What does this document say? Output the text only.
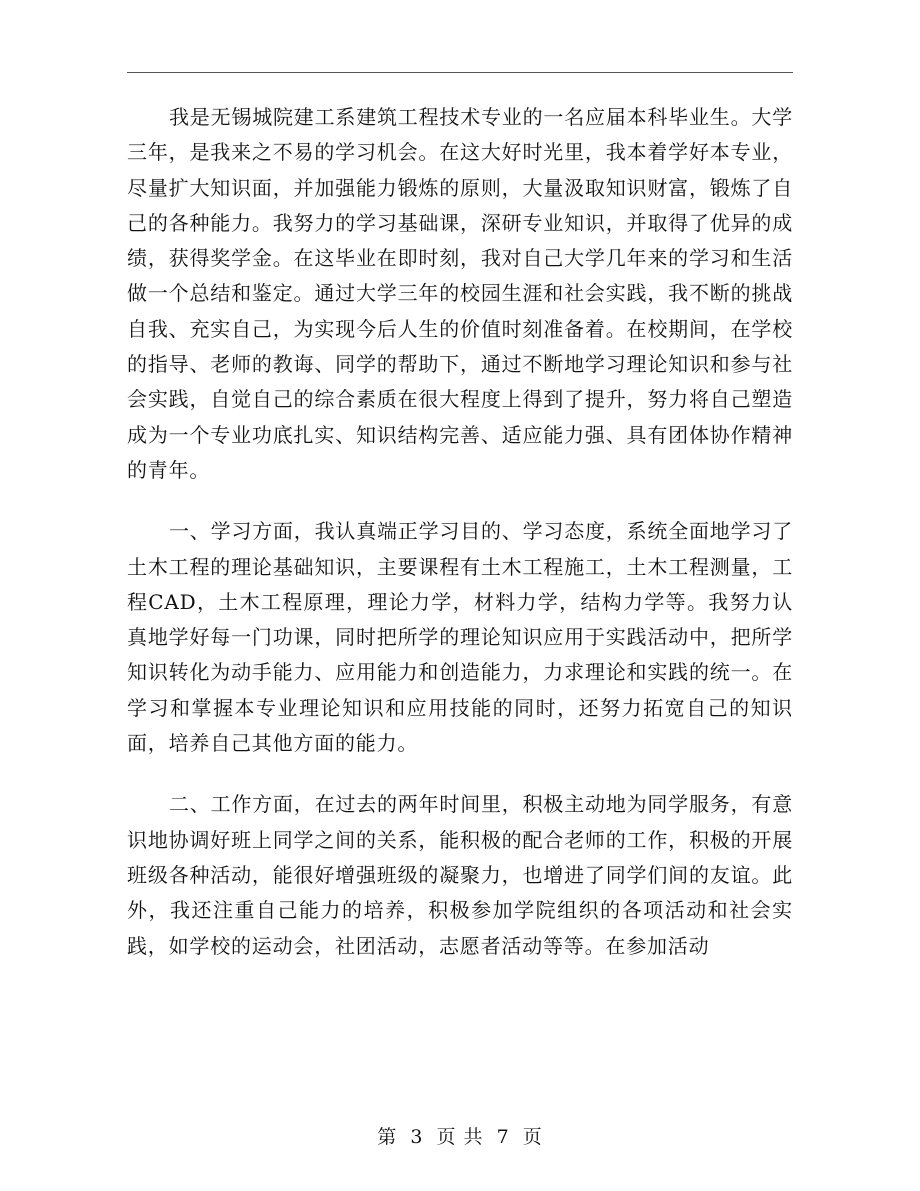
我是无锡城院建工系建筑工程技术专业的一名应届本科毕业生。大学三年，是我来之不易的学习机会。在这大好时光里，我本着学好本专业，尽量扩大知识面，并加强能力锻炼的原则，大量汲取知识财富，锻炼了自己的各种能力。我努力的学习基础课，深研专业知识，并取得了优异的成绩，获得奖学金。在这毕业在即时刻，我对自己大学几年来的学习和生活做一个总结和鉴定。通过大学三年的校园生涯和社会实践，我不断的挑战自我、充实自己，为实现今后人生的价值时刻准备着。在校期间，在学校的指导、老师的教诲、同学的帮助下，通过不断地学习理论知识和参与社会实践，自觉自己的综合素质在很大程度上得到了提升，努力将自己塑造成为一个专业功底扎实、知识结构完善、适应能力强、具有团体协作精神的青年。

一、学习方面，我认真端正学习目的、学习态度，系统全面地学习了土木工程的理论基础知识，主要课程有土木工程施工，土木工程测量，工程CAD，土木工程原理，理论力学，材料力学，结构力学等。我努力认真地学好每一门功课，同时把所学的理论知识应用于实践活动中，把所学知识转化为动手能力、应用能力和创造能力，力求理论和实践的统一。在学习和掌握本专业理论知识和应用技能的同时，还努力拓宽自己的知识面，培养自己其他方面的能力。

二、工作方面，在过去的两年时间里，积极主动地为同学服务，有意识地协调好班上同学之间的关系，能积极的配合老师的工作，积极的开展班级各种活动，能很好增强班级的凝聚力，也增进了同学们间的友谊。此外，我还注重自己能力的培养，积极参加学院组织的各项活动和社会实践，如学校的运动会，社团活动，志愿者活动等等。在参加活动

第 3 页 共 7 页
